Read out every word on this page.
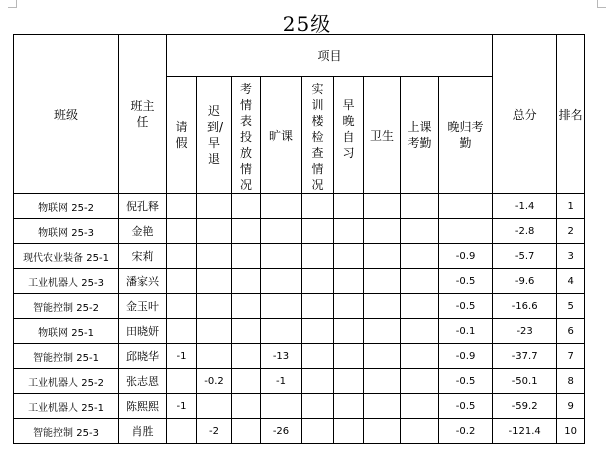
25级
班级	班主任	项目									总分	排名
		请假	迟到/早退	考情表投放情况	旷课	实训楼检查情况	早晚自习	卫生	上课考勤	晚归考勤		
物联网 25-2	倪孔释										-1.4	1
物联网 25-3	金艳										-2.8	2
现代农业装备 25-1	宋莉									-0.9	-5.7	3
工业机器人 25-3	潘家兴									-0.5	-9.6	4
智能控制 25-2	金玉叶									-0.5	-16.6	5
物联网 25-1	田晓妍									-0.1	-23	6
智能控制 25-1	邱晓华	-1			-13					-0.9	-37.7	7
工业机器人 25-2	张志恩		-0.2		-1					-0.5	-50.1	8
工业机器人 25-1	陈熙熙	-1								-0.5	-59.2	9
智能控制 25-3	肖胜		-2		-26					-0.2	-121.4	10
